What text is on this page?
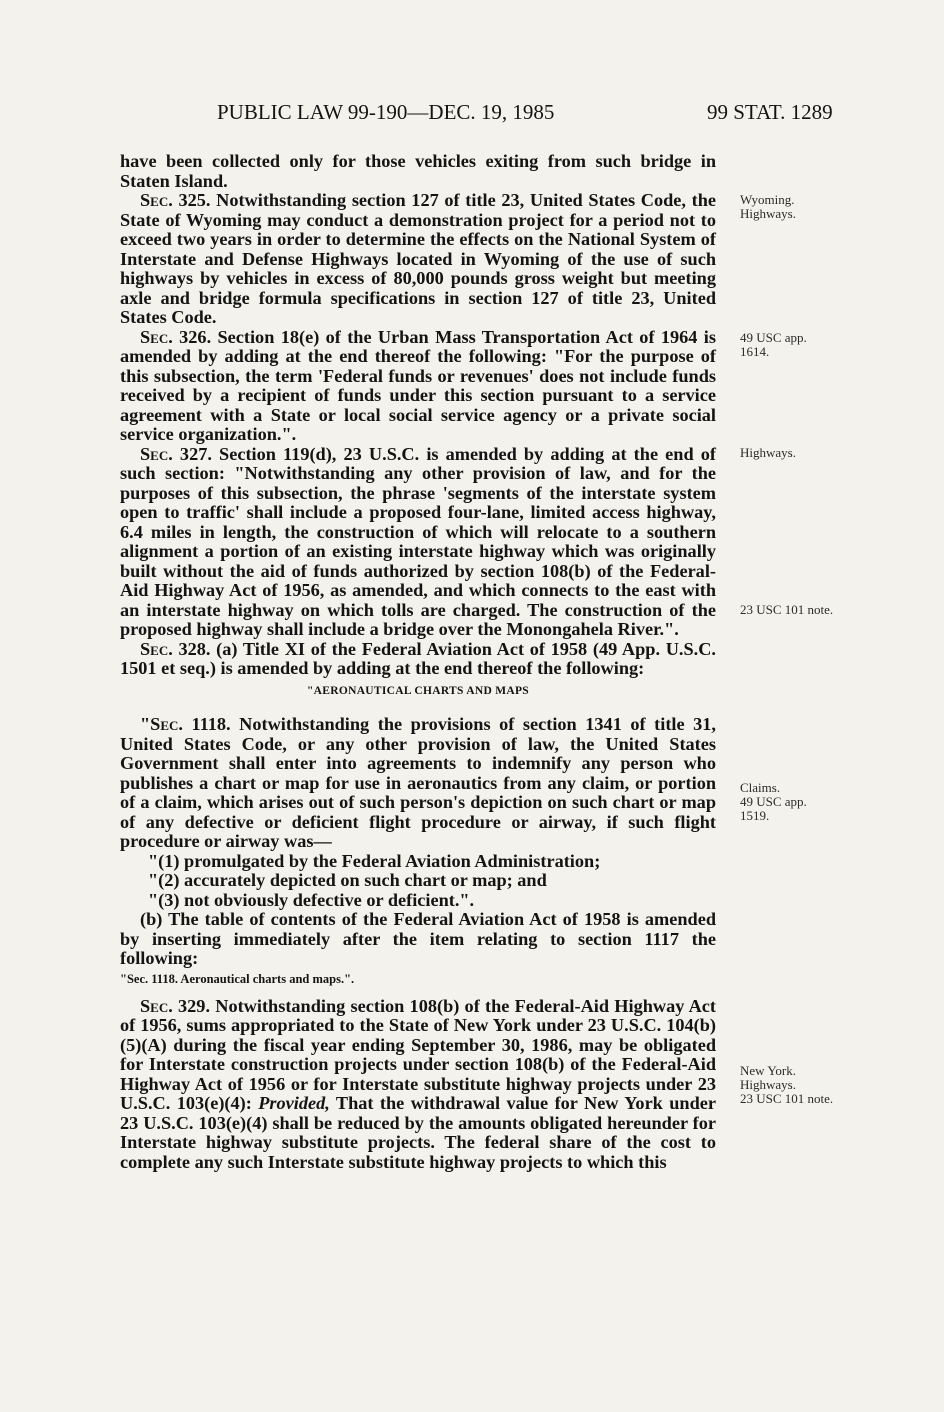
PUBLIC LAW 99-190—DEC. 19, 1985	99 STAT. 1289

have been collected only for those vehicles exiting from such bridge in Staten Island.

Sec. 325. Notwithstanding section 127 of title 23, United States Code, the State of Wyoming may conduct a demonstration project for a period not to exceed two years in order to determine the effects on the National System of Interstate and Defense Highways located in Wyoming of the use of such highways by vehicles in excess of 80,000 pounds gross weight but meeting axle and bridge formula specifications in section 127 of title 23, United States Code.

Sec. 326. Section 18(e) of the Urban Mass Transportation Act of 1964 is amended by adding at the end thereof the following: "For the purpose of this subsection, the term 'Federal funds or revenues' does not include funds received by a recipient of funds under this section pursuant to a service agreement with a State or local social service agency or a private social service organization.".

Sec. 327. Section 119(d), 23 U.S.C. is amended by adding at the end of such section: "Notwithstanding any other provision of law, and for the purposes of this subsection, the phrase 'segments of the interstate system open to traffic' shall include a proposed four-lane, limited access highway, 6.4 miles in length, the construction of which will relocate to a southern alignment a portion of an existing interstate highway which was originally built without the aid of funds authorized by section 108(b) of the Federal-Aid Highway Act of 1956, as amended, and which connects to the east with an interstate highway on which tolls are charged. The construction of the proposed highway shall include a bridge over the Monongahela River.".

Sec. 328. (a) Title XI of the Federal Aviation Act of 1958 (49 App. U.S.C. 1501 et seq.) is amended by adding at the end thereof the following:

"AERONAUTICAL CHARTS AND MAPS

"Sec. 1118. Notwithstanding the provisions of section 1341 of title 31, United States Code, or any other provision of law, the United States Government shall enter into agreements to indemnify any person who publishes a chart or map for use in aeronautics from any claim, or portion of a claim, which arises out of such person's depiction on such chart or map of any defective or deficient flight procedure or airway, if such flight procedure or airway was—

"(1) promulgated by the Federal Aviation Administration;

"(2) accurately depicted on such chart or map; and

"(3) not obviously defective or deficient.".

(b) The table of contents of the Federal Aviation Act of 1958 is amended by inserting immediately after the item relating to section 1117 the following:

"Sec. 1118. Aeronautical charts and maps.".

Sec. 329. Notwithstanding section 108(b) of the Federal-Aid Highway Act of 1956, sums appropriated to the State of New York under 23 U.S.C. 104(b)(5)(A) during the fiscal year ending September 30, 1986, may be obligated for Interstate construction projects under section 108(b) of the Federal-Aid Highway Act of 1956 or for Interstate substitute highway projects under 23 U.S.C. 103(e)(4): Provided, That the withdrawal value for New York under 23 U.S.C. 103(e)(4) shall be reduced by the amounts obligated hereunder for Interstate highway substitute projects. The federal share of the cost to complete any such Interstate substitute highway projects to which this

Wyoming.
Highways.
49 USC app.
1614.
Highways.
23 USC 101 note.
Claims.
49 USC app.
1519.
New York.
Highways.
23 USC 101 note.
